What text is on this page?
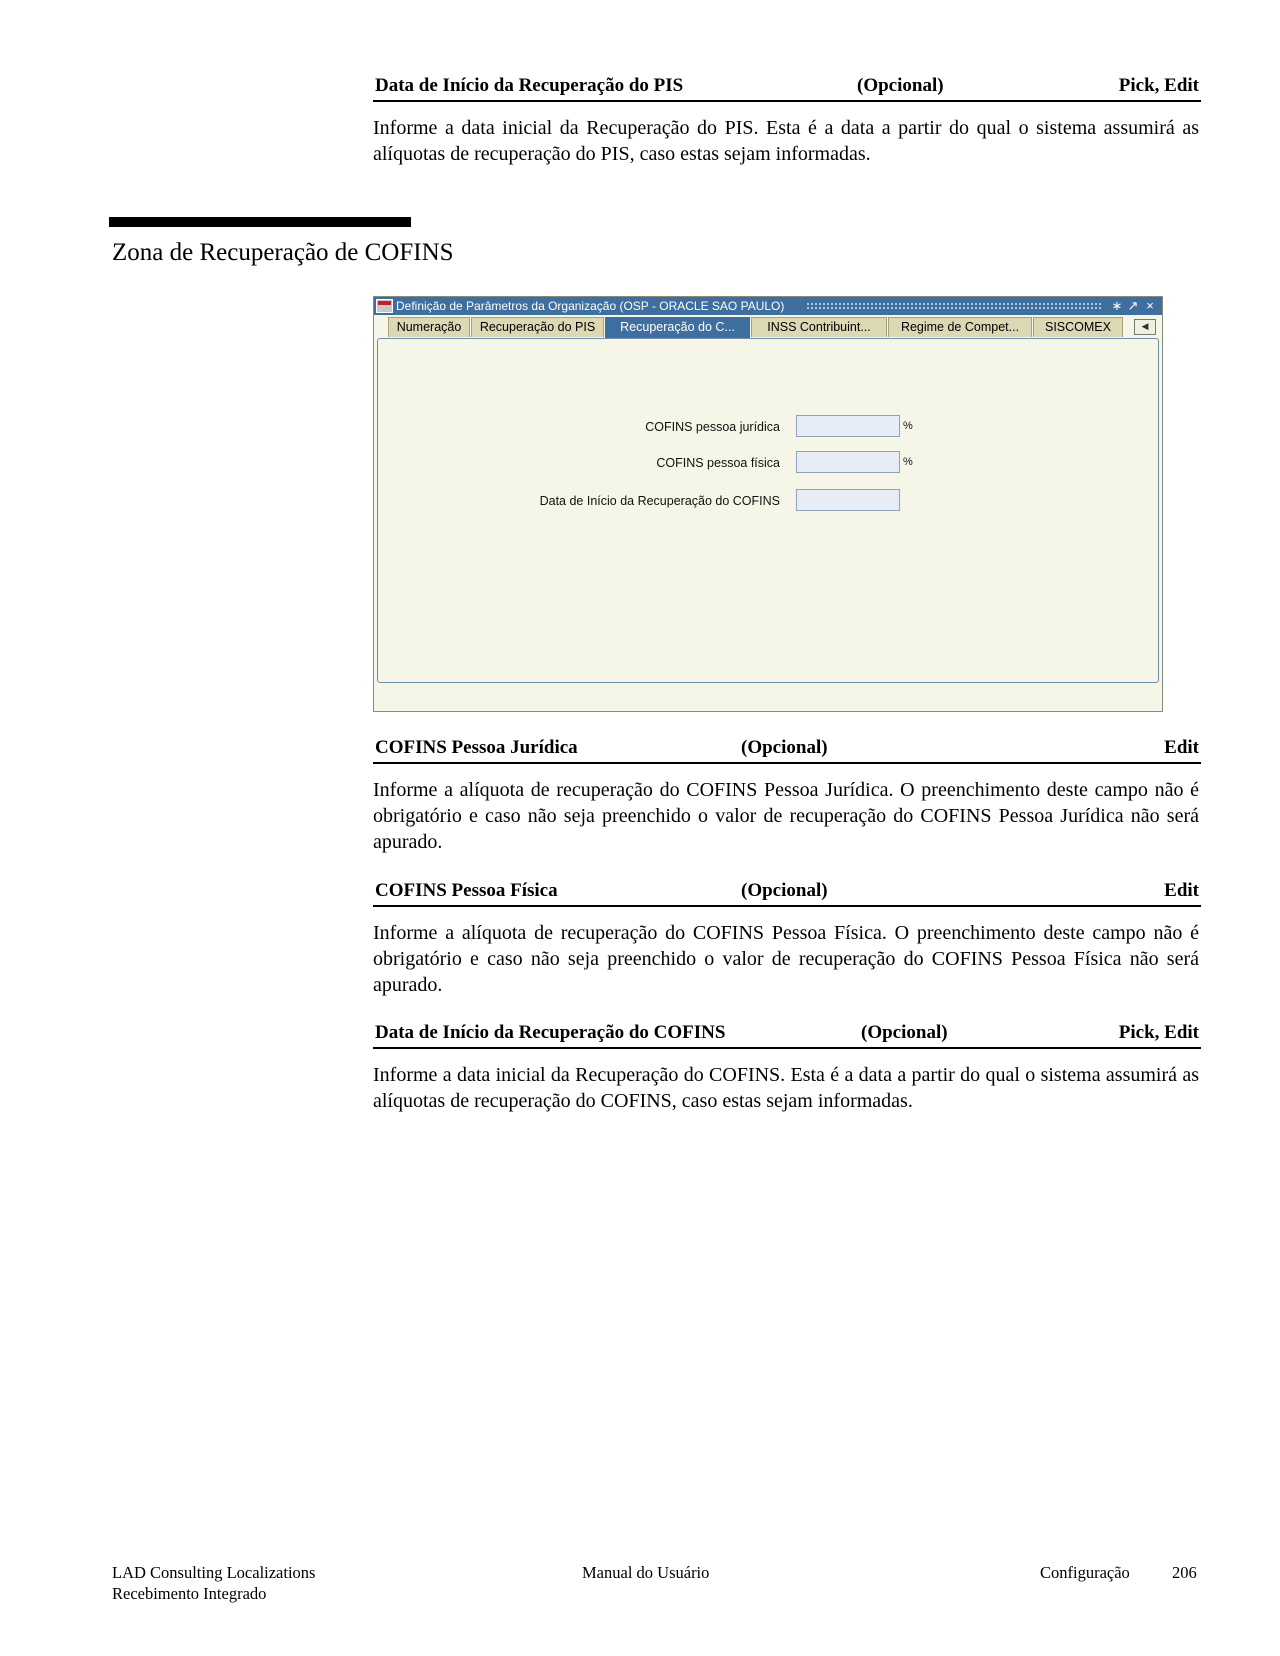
Data de Início da Recuperação do PIS	(Opcional)	Pick, Edit
Informe a data inicial da Recuperação do PIS. Esta é a data a partir do qual o sistema assumirá as alíquotas de recuperação do PIS, caso estas sejam informadas.
Zona de Recuperação de COFINS
Definição de Parâmetros da Organização (OSP - ORACLE SAO PAULO)	∗ ↗ ×
Numeração	Recuperação do PIS	Recuperação do C...	INSS Contribuint...	Regime de Compet...	SISCOMEX	◀
COFINS pessoa jurídica	%
COFINS pessoa física	%
Data de Início da Recuperação do COFINS
COFINS Pessoa Jurídica	(Opcional)	Edit
Informe a alíquota de recuperação do COFINS Pessoa Jurídica. O preenchimento deste campo não é obrigatório e caso não seja preenchido o valor de recuperação do COFINS Pessoa Jurídica não será apurado.
COFINS Pessoa Física	(Opcional)	Edit
Informe a alíquota de recuperação do COFINS Pessoa Física. O preenchimento deste campo não é obrigatório e caso não seja preenchido o valor de recuperação do COFINS Pessoa Física não será apurado.
Data de Início da Recuperação do COFINS	(Opcional)	Pick, Edit
Informe a data inicial da Recuperação do COFINS. Esta é a data a partir do qual o sistema assumirá as alíquotas de recuperação do COFINS, caso estas sejam informadas.
LAD Consulting Localizations
Recebimento Integrado
Manual do Usuário	Configuração	206
